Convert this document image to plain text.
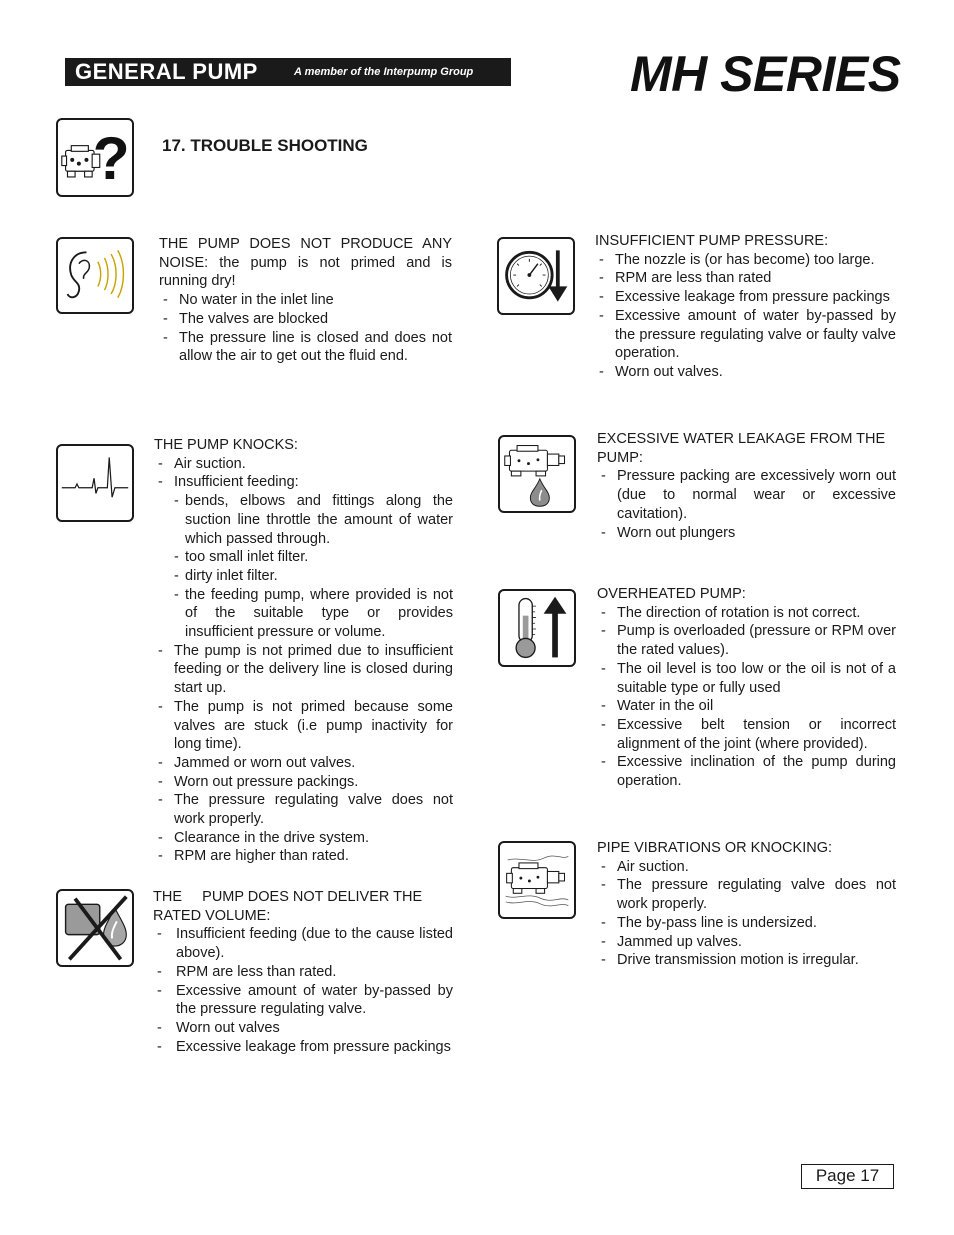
GENERAL PUMP	A member of the Interpump Group	MH SERIES
? 17. TROUBLE SHOOTING
THE PUMP DOES NOT PRODUCE ANY NOISE: the pump is not primed and is running dry!
- No water in the inlet line
- The valves are blocked
- The pressure line is closed and does not allow the air to get out the fluid end.
THE PUMP KNOCKS:
- Air suction.
- Insufficient feeding:
- bends, elbows and fittings along the suction line throttle the amount of water which passed through.
- too small inlet filter.
- dirty inlet filter.
- the feeding pump, where provided is not of the suitable type or provides insufficient pressure or volume.
- The pump is not primed due to insufficient feeding or the delivery line is closed during start up.
- The pump is not primed because some valves are stuck (i.e pump inactivity for long time).
- Jammed or worn out valves.
- Worn out pressure packings.
- The pressure regulating valve does not work properly.
- Clearance in the drive system.
- RPM are higher than rated.
THE     PUMP DOES NOT DELIVER THE RATED VOLUME:
- Insufficient feeding (due to the cause listed above).
- RPM are less than rated.
- Excessive amount of water by-passed by the pressure regulating valve.
- Worn out valves
- Excessive leakage from pressure packings
INSUFFICIENT PUMP PRESSURE:
- The nozzle is (or has become) too large.
- RPM are less than rated
- Excessive leakage from pressure packings
- Excessive amount of water by-passed by the pressure regulating valve or faulty valve operation.
- Worn out valves.
EXCESSIVE WATER LEAKAGE FROM THE PUMP:
- Pressure packing are excessively worn out (due to normal wear or excessive cavitation).
- Worn out plungers
OVERHEATED PUMP:
- The direction of rotation is not correct.
- Pump is overloaded (pressure or RPM over the rated values).
- The oil level is too low or the oil is not of a suitable type or fully used
- Water in the oil
- Excessive belt tension or incorrect alignment of the joint (where provided).
- Excessive inclination of the pump during operation.
PIPE VIBRATIONS OR KNOCKING:
- Air suction.
- The pressure regulating valve does not work properly.
- The by-pass line is undersized.
- Jammed up valves.
- Drive transmission motion is irregular.
Page 17
